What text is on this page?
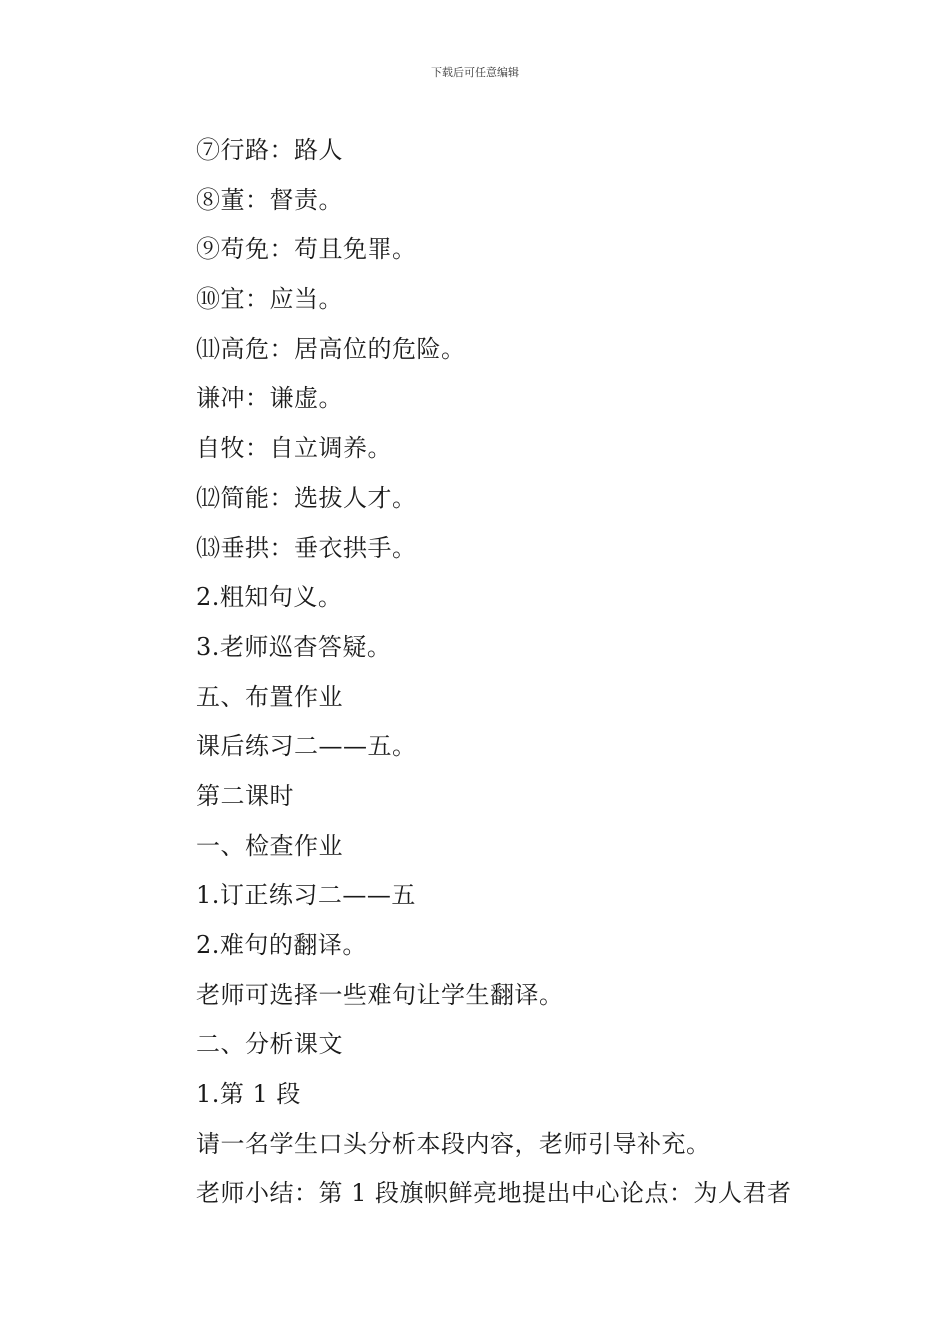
下载后可任意编辑
⑦行路：路人
⑧董：督责。
⑨苟免：苟且免罪。
⑩宜：应当。
⑾高危：居高位的危险。
谦冲：谦虚。
自牧：自立调养。
⑿简能：选拔人才。
⒀垂拱：垂衣拱手。
2.粗知句义。
3.老师巡杳答疑。
五、布置作业
课后练习二——五。
第二课时
一、检查作业
1.订正练习二——五
2.难句的翻译。
老师可选择一些难句让学生翻译。
二、分析课文
1.第 1 段
请一名学生口头分析本段内容，老师引导补充。
老师小结：第 1 段旗帜鲜亮地提出中心论点：为人君者
